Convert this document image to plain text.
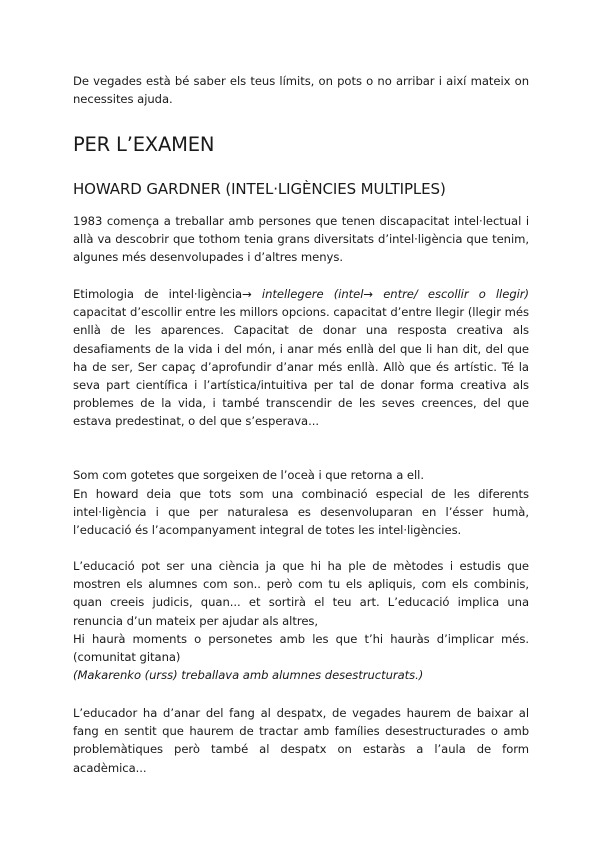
De vegades està bé saber els teus límits, on pots o no arribar i així mateix on necessites ajuda.

PER L’EXAMEN
HOWARD GARDNER (INTEL·LIGÈNCIES MULTIPLES)

1983 comença a treballar amb persones que tenen discapacitat intel·lectual i allà va descobrir que tothom tenia grans diversitats d’intel·ligència que tenim, algunes més desenvolupades i d’altres menys.

Etimologia de intel·ligència→ intellegere (intel→ entre/ escollir o llegir) capacitat d’escollir entre les millors opcions. capacitat d’entre llegir (llegir més enllà de les aparences. Capacitat de donar una resposta creativa als desafiaments de la vida i del món, i anar més enllà del que li han dit, del que ha de ser, Ser capaç d’aprofundir d’anar més enllà. Allò que és artístic. Té la seva part científica i l’artística/intuitiva per tal de donar forma creativa als problemes de la vida, i també transcendir de les seves creences, del que estava predestinat, o del que s’esperava...

Som com gotetes que sorgeixen de l’oceà i que retorna a ell.

En howard deia que tots som una combinació especial de les diferents intel·ligència i que per naturalesa es desenvoluparan en l’ésser humà, l’educació és l’acompanyament integral de totes les intel·ligències.

L’educació pot ser una ciència ja que hi ha ple de mètodes i estudis que mostren els alumnes com son.. però com tu els apliquis, com els combinis, quan creeis judicis, quan... et sortirà el teu art. L’educació implica una renuncia d’un mateix per ajudar als altres,

Hi haurà moments o personetes amb les que t’hi hauràs d’implicar més. (comunitat gitana)

(Makarenko (urss) treballava amb alumnes desestructurats.)

L’educador ha d’anar del fang al despatx, de vegades haurem de baixar al fang en sentit que haurem de tractar amb famílies desestructurades o amb problemàtiques però també al despatx on estaràs a l’aula de form acadèmica...
